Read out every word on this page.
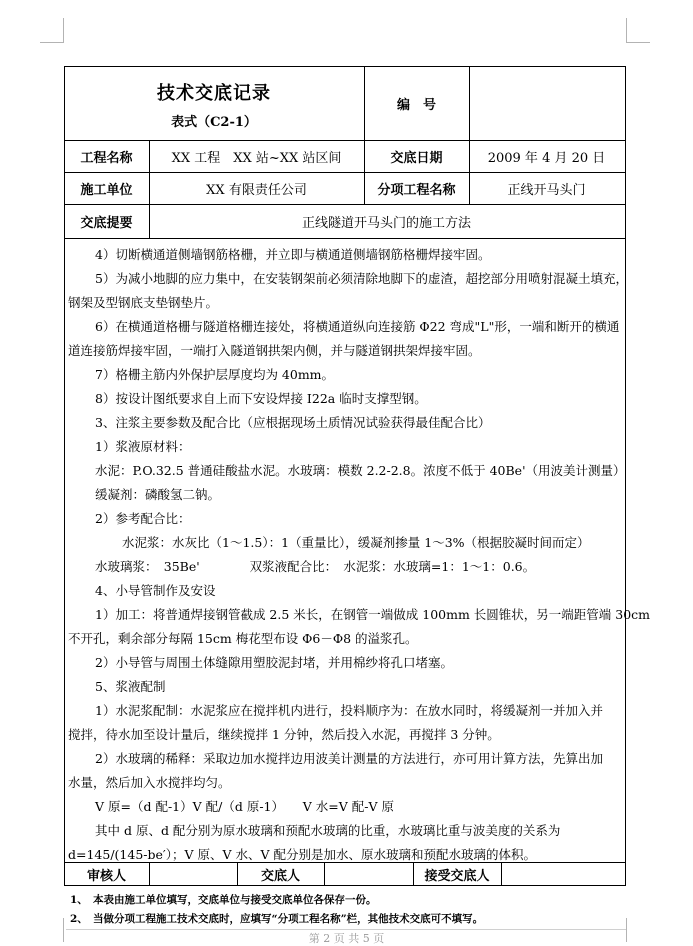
技术交底记录
表式（C2-1）
编　号
工程名称	XX 工程　XX 站~XX 站区间	交底日期	2009 年 4 月 20 日
施工单位	XX 有限责任公司	分项工程名称	正线开马头门
交底提要	正线隧道开马头门的施工方法

4）切断横通道侧墙钢筋格栅，并立即与横通道侧墙钢筋格栅焊接牢固。

5）为减小地脚的应力集中，在安装钢架前必须清除地脚下的虚渣，超挖部分用喷射混凝土填充，

钢架及型钢底支垫钢垫片。

6）在横通道格栅与隧道格栅连接处，将横通道纵向连接筋 Φ22 弯成"L"形，一端和断开的横通

道连接筋焊接牢固，一端打入隧道钢拱架内侧，并与隧道钢拱架焊接牢固。

7）格栅主筋内外保护层厚度均为 40mm。

8）按设计图纸要求自上而下安设焊接 I22a 临时支撑型钢。

3、注浆主要参数及配合比（应根据现场土质情况试验获得最佳配合比）

1）浆液原材料：

水泥：P.O.32.5 普通硅酸盐水泥。水玻璃：模数 2.2-2.8。浓度不低于 40Be'（用波美计测量）

缓凝剂：磷酸氢二钠。

2）参考配合比：

水泥浆：水灰比（1～1.5）：1（重量比），缓凝剂掺量 1～3%（根据胶凝时间而定）

水玻璃浆：　35Be'　　　　双浆液配合比：　水泥浆：水玻璃=1：1～1：0.6。

4、小导管制作及安设

1）加工：将普通焊接钢管截成 2.5 米长，在钢管一端做成 100mm 长圆锥状，另一端距管端 30cm

不开孔，剩余部分每隔 15cm 梅花型布设 Φ6－Φ8 的溢浆孔。

2）小导管与周围土体缝隙用塑胶泥封堵，并用棉纱将孔口堵塞。

5、浆液配制

1）水泥浆配制：水泥浆应在搅拌机内进行，投料顺序为：在放水同时，将缓凝剂一并加入并

搅拌，待水加至设计量后，继续搅拌 1 分钟，然后投入水泥，再搅拌 3 分钟。

2）水玻璃的稀释：采取边加水搅拌边用波美计测量的方法进行，亦可用计算方法，先算出加

水量，然后加入水搅拌均匀。

V 原=（d 配-1）V 配/（d 原-1）　　V 水=V 配-V 原

其中 d 原、d 配分别为原水玻璃和预配水玻璃的比重，水玻璃比重与波美度的关系为

d=145/(145-be′）；V 原、V 水、V 配分别是加水、原水玻璃和预配水玻璃的体积。

审核人	交底人	接受交底人
1、　本表由施工单位填写，交底单位与接受交底单位各保存一份。
2、　当做分项工程施工技术交底时，应填写“分项工程名称”栏，其他技术交底可不填写。
第 2 页 共 5 页
